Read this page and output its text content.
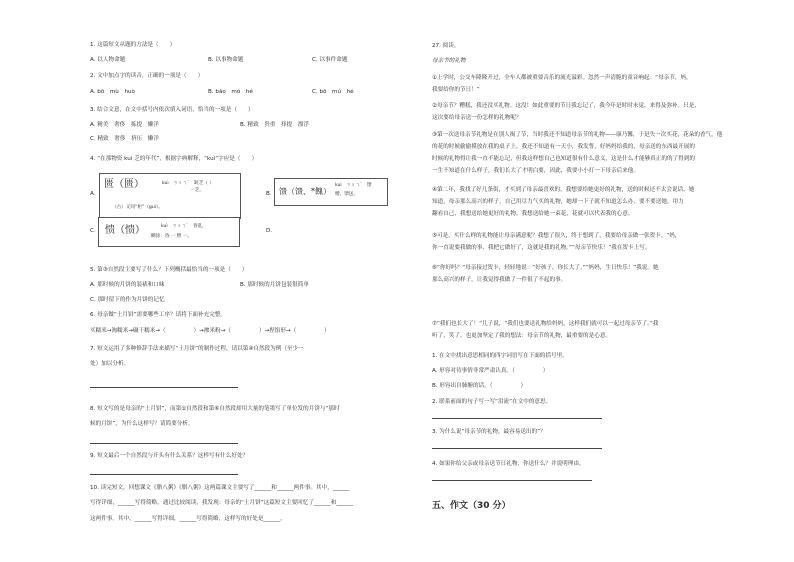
1. 这篇短文从题的方法是（　　）
A. 以人物命题	B. 以事物命题	C. 以事件命题
2. 文中加点字的读音，正确的一项是（　　）
A. bō　mù　huò	B. bāo　mó　hé	C. bō　mú　hé
3. 结合文意，在文中括号内依次填入词语，恰当的一项是（　　）
A. 精美　奢侈　拣提　懒洋	B. 精致　贵重　择提　漂浮
C. 精致　奢侈　挤压　懒洋
4. “在那物资 kuì 乏的年代”，根据字典解释，“kuì”字应是（　　）
A.
匮（匮）	kuì　ㄎㄨㄟˋ　缺乏（ ）
一乏。
（古）又同“柜”（guì）。
B. 馈（馈、*餽）
kuì　ㄎㄨㄟˋ　馈
赠。馈送。
C. 愦（愦）	kuì　ㄎㄨㄟˋ　昏乱，
糊涂：昏 一 愦 一。
D.
5. 第③自然段主要写了什么？下列概括最恰当的一项是（　　）
A. 那时候的月饼的装裱和口味	B. 那时候的月饼包装很简单
C. 那时留下的作为月饼的记忆
6. 母亲做“土月饼”需要哪些工序？请将下面补充完整。
买糯米→淘糯米→碾干糯米→（　　　　　）→掺米粉→（　　　　　）→捏馅形→（　　　　　）
7. 短文运用了多种修辞手法来描写“土月饼”的制作过程，请以第④自然段为例（至少一
处）加以分析。
8. 短文写的是母亲的“土月饼”，而第①自然段和第⑥自然段却用大量的笔墨写了单位发的月饼与“那时
候的月饼”，为什么这样写？请简要分析。
9. 短文最后一个自然段与开头有什么关系？这样写有什么好处？
10. 读完短文，回想课文《腊八粥》《腊八粥》这两篇课文主要写了______和______两件事。其中，______
写得详细，______写得简略。通过比较阅读，我发现：母亲的“土月饼”这篇短文主要回忆了______和______
这两件事。其中，______写得详细，______写得简略，这样写的好处是______。
27. 阅读。
母亲节的礼物
①上学时，公交车隆隆开过，全车人都被重要音乐的流光溢彩。忽然一声清脆的童音响起：“母亲节，妈，
我要给你的节日！”
②母亲节？糟糕，我还没买礼物。这没！如此重要的节日我忘记了，我今年是时时未觉，来得及弥补。只是，
这次要给母亲送一份怎样的礼物呢？
③第一次送母亲节礼物是在别人揭了节，当时我还不知道母亲节的礼物——康乃馨，于是失一次买花，花朵的香气，他
的花的时候偷偷摸放在我的桌子上。我还不知道有一天小，我发誓，好妈妈给我的，母亲送的东西最开展的
时候的礼物得让我一直不能忘记，但我这样想自己也知道很有什么意义，这是什么才能够真正的的了得到的
一生不知道在什么样子，我们长大了才明白要，因此，我要小小打一下母亲后来他。
④第二年，我找了好几条街，才买到了母亲最喜欢的，我想要给她更好的礼物，送的时候还不太会说话，她
知道，母亲那么高兴的样子，自己用尽力气买的礼物，她却一下子就不知道怎么办，要不要送她，用力
翻看自己，我想送给她更好的礼物。我想送给她一束花，花就可以代表我的心意。
⑤可是，买什么样的礼物能让母亲满意呢？我想了很久，终于想到了，我要给母亲做一张贺卡。“妈，
你一直说要我做的事，我把它做好了，这就是我的礼物。”“母亲节快乐！”我在贺卡上写。
⑥“你好吗？”母亲接过贺卡，轻轻地说：“好孩子，你长大了。”“妈妈，生日快乐！”我说。她
那么高兴的样子，让我觉得我做了一件很了不起的事。
⑦“我们也长大了！”儿子说，“我们也要送礼物给妈妈，这样我们就可以一起过母亲节了。”我
听了，笑了，也更加坚定了我的想法：母亲节的礼物，最重要的是心意。
1. 在文中找出意思相同的四字词语写在下面的括号里。
A. 形容对待事情非常严肃认真。（　　　　　）
B. 形容出自肺腑的话。（　　　　　）
2. 联系前面的句子写一写“泪流”在文中的意思。
3. 为什么说“母亲节的礼物，最容易送出的”？
4. 如果你给父亲或母亲送节日礼物，你送什么？并说明理由。
五、作文（30 分）
